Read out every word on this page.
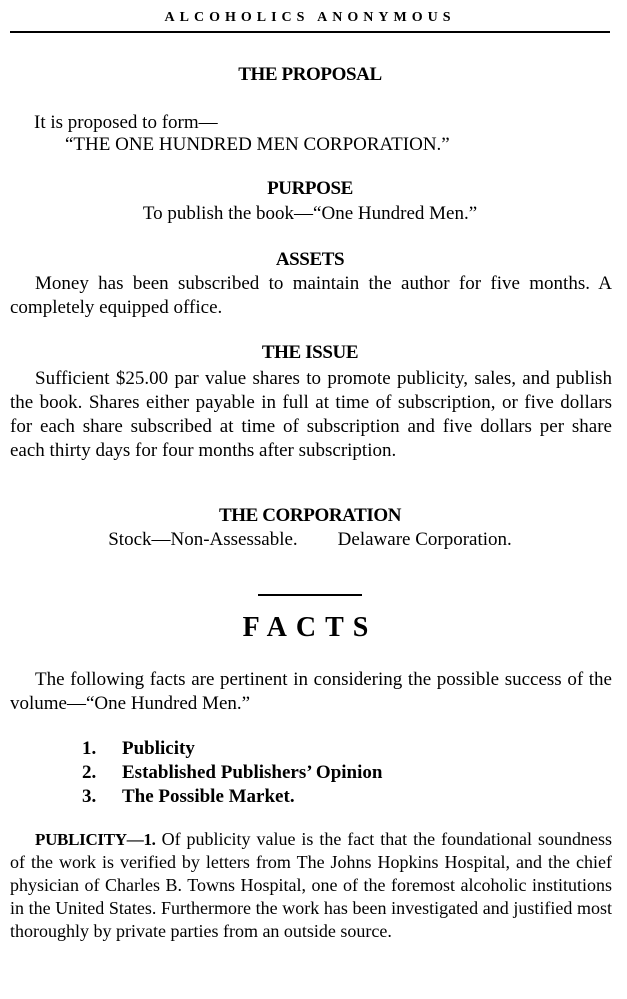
ALCOHOLICS ANONYMOUS
THE PROPOSAL
It is proposed to form—
“THE ONE HUNDRED MEN CORPORATION.”
PURPOSE
To publish the book—“One Hundred Men.”
ASSETS

Money has been subscribed to maintain the author for five months. A completely equipped office.

THE ISSUE

Sufficient $25.00 par value shares to promote publicity, sales, and publish the book. Shares either payable in full at time of subscription, or five dollars for each share subscribed at time of subscription and five dollars per share each thirty days for four months after subscription.

THE CORPORATION
Stock—Non-Assessable. Delaware Corporation.
FACTS

The following facts are pertinent in considering the possible success of the volume—“One Hundred Men.”

1. Publicity
2. Established Publishers’ Opinion
3. The Possible Market.

PUBLICITY—1. Of publicity value is the fact that the foundational soundness of the work is verified by letters from The Johns Hopkins Hospital, and the chief physician of Charles B. Towns Hospital, one of the foremost alcoholic institutions in the United States. Furthermore the work has been investigated and justified most thoroughly by private parties from an outside source.
